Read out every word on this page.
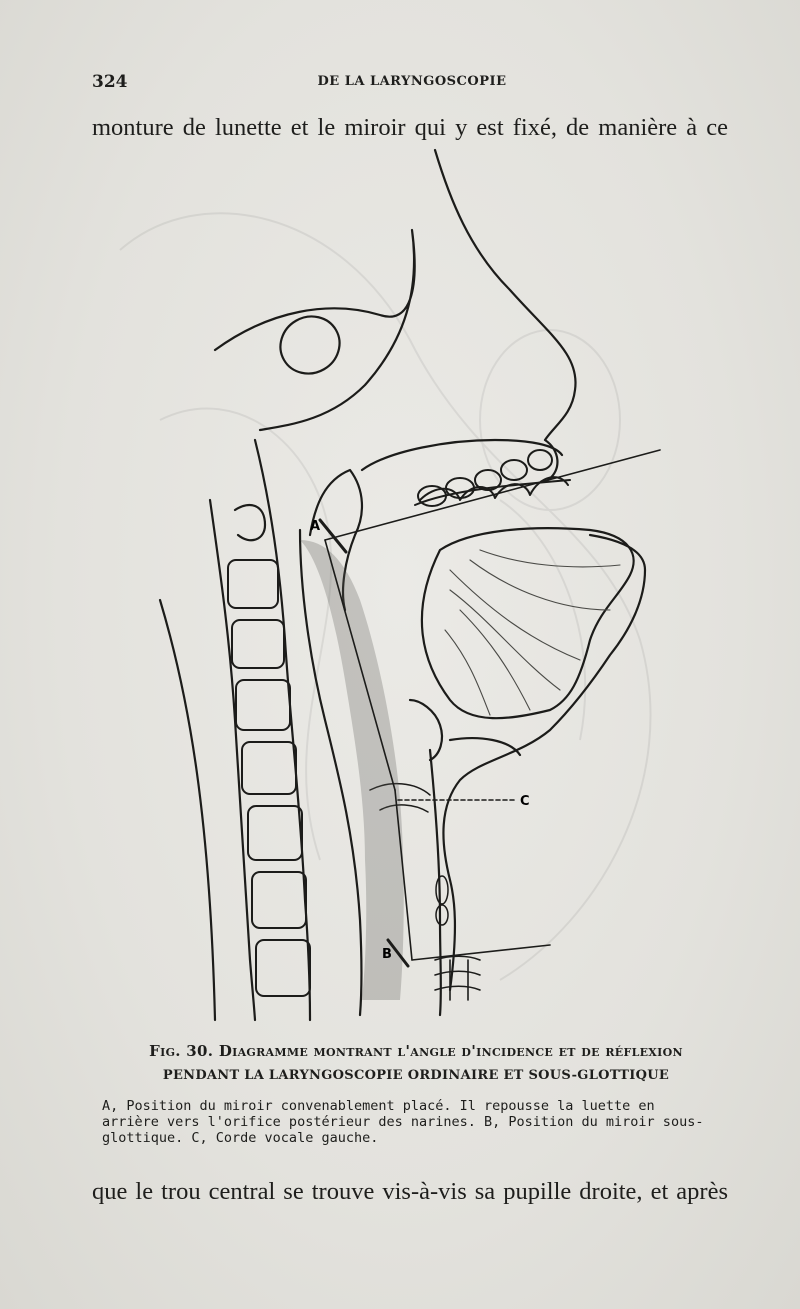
324	DE LA LARYNGOSCOPIE
monture de lunette et le miroir qui y est fixé, de manière à ce
A
B
C
Fig. 30. Diagramme montrant l'angle d'incidence et de réflexion
PENDANT LA LARYNGOSCOPIE ORDINAIRE ET SOUS-GLOTTIQUE
A, Position du miroir convenablement placé. Il repousse la luette en
arrière vers l'orifice postérieur des narines. B, Position du miroir sous-
glottique. C, Corde vocale gauche.
que le trou central se trouve vis-à-vis sa pupille droite, et après
